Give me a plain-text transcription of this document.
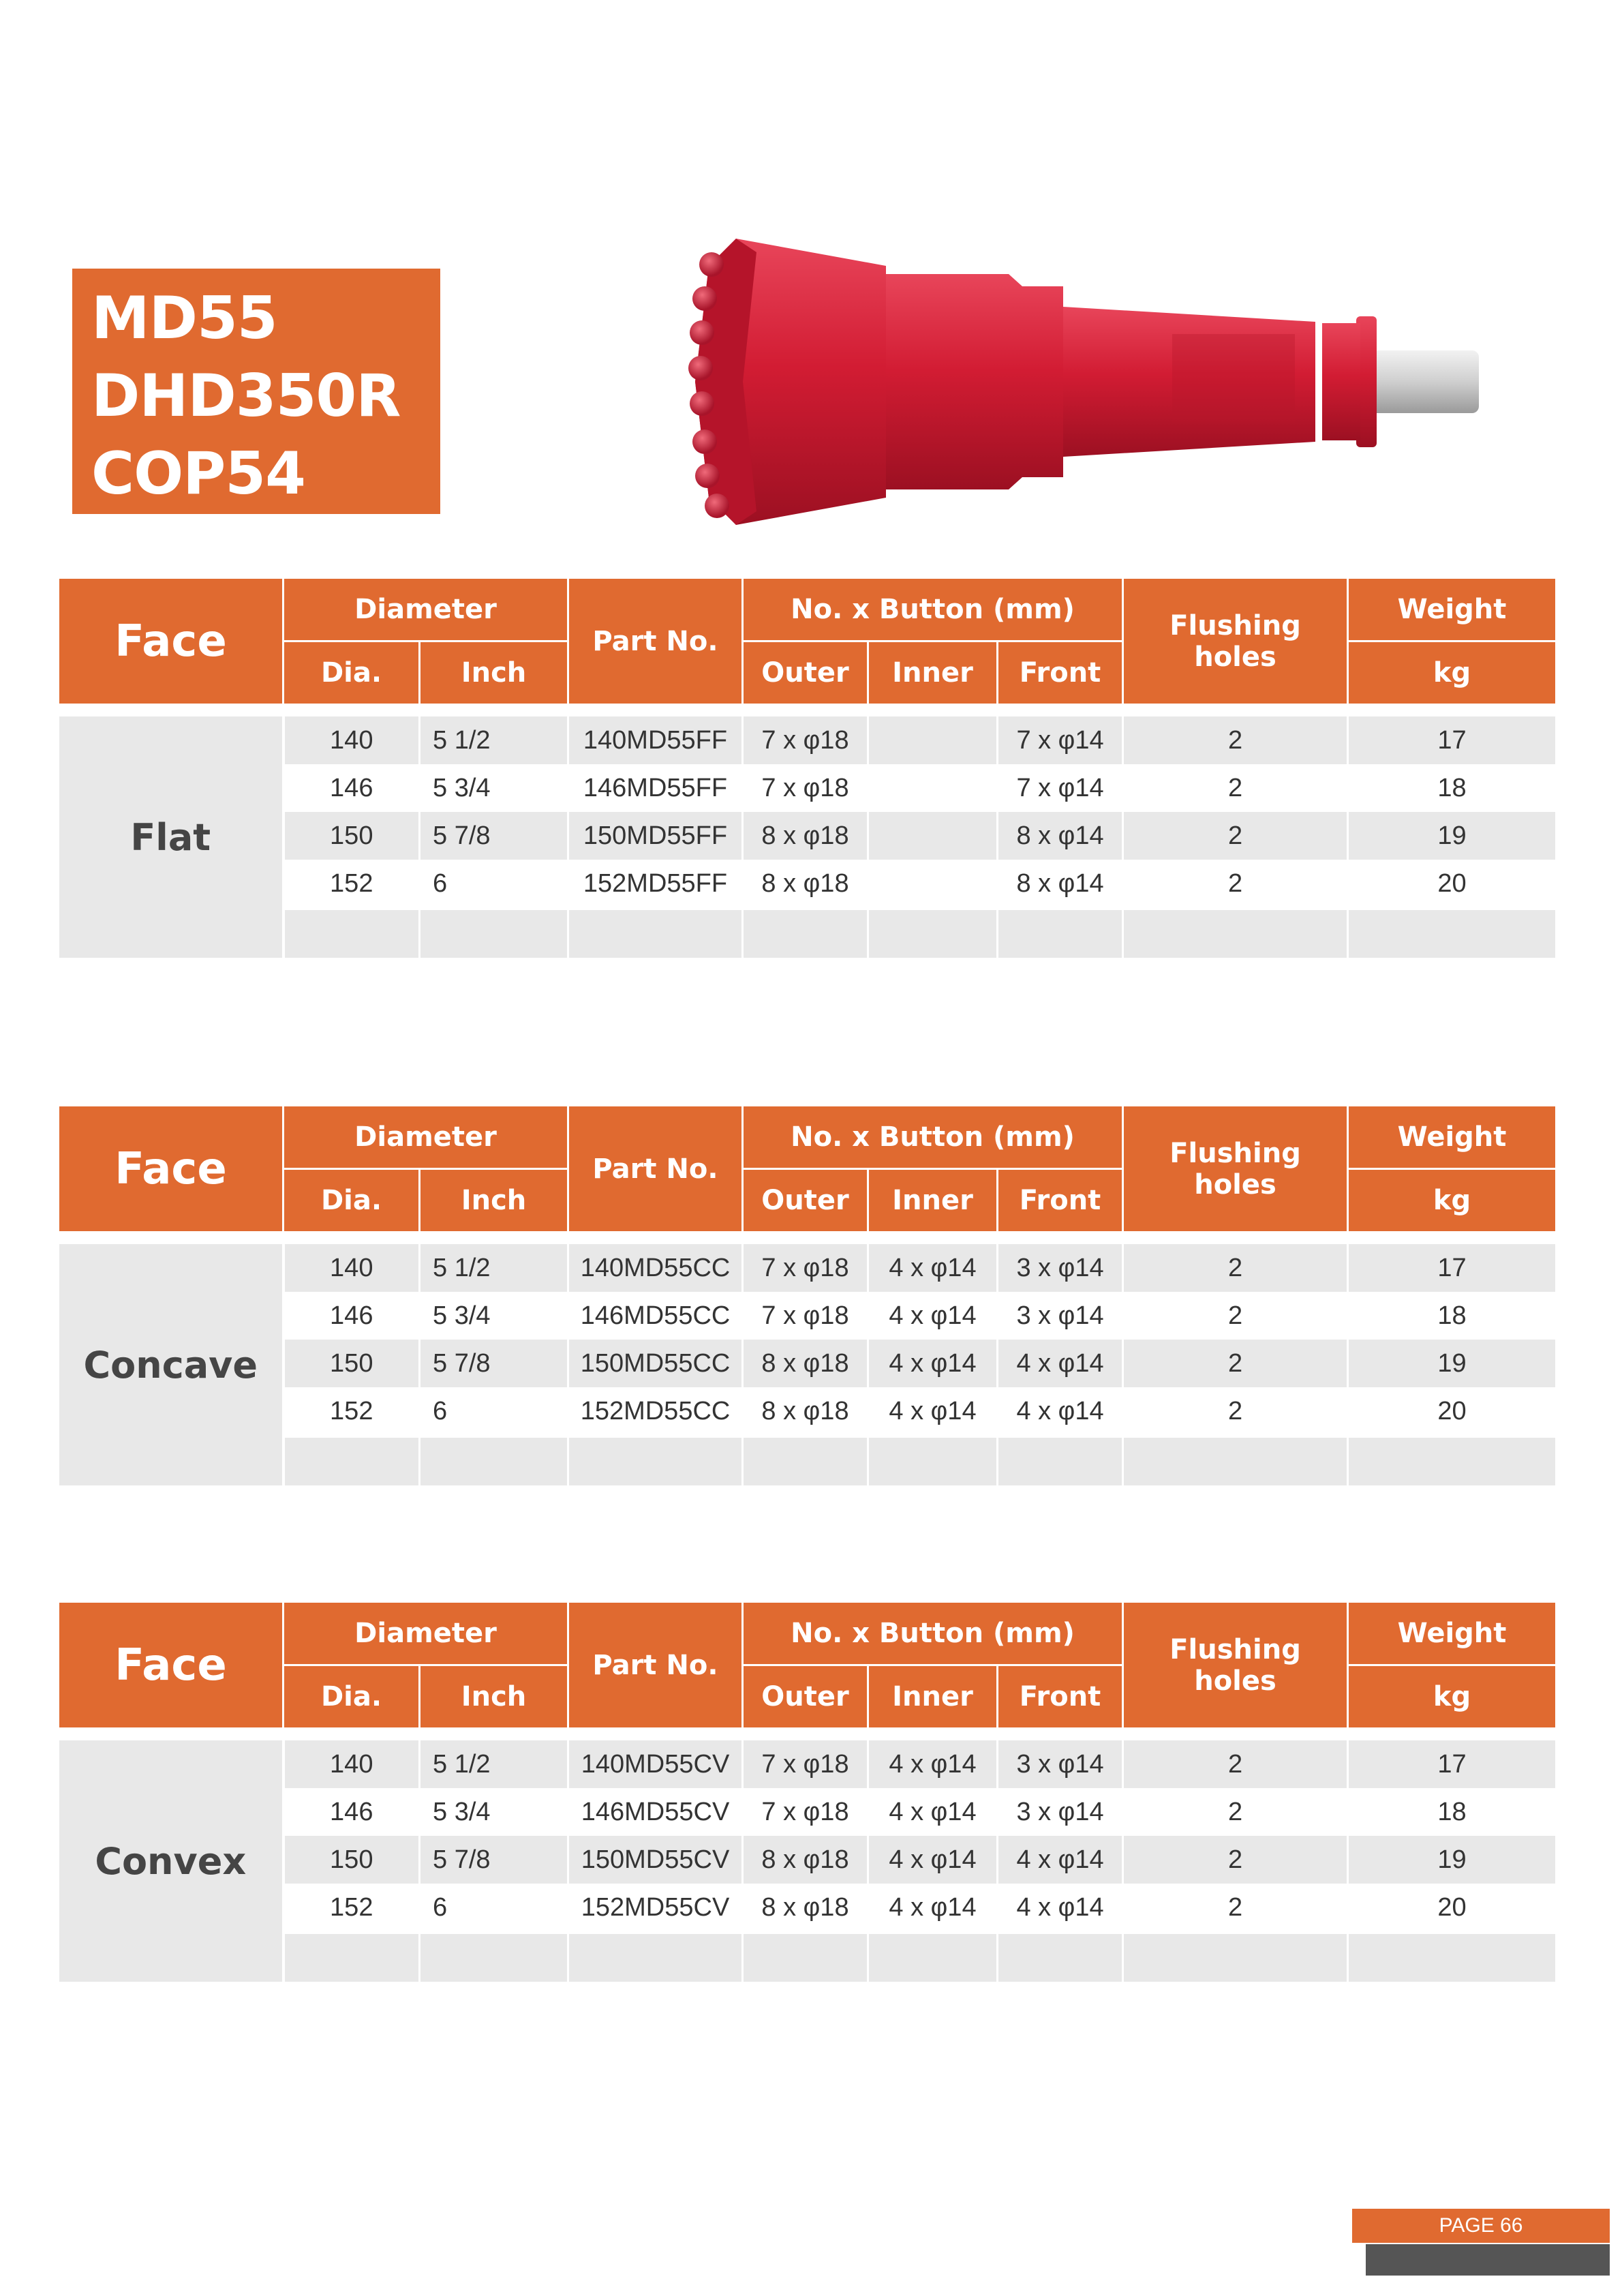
MD55
DHD350R
COP54
Face	Diameter		Part No.	No. x Button (mm)			Flushing holes	Weight
	Dia.	Inch		Outer	Inner	Front		kg

Flat	140	5 1/2	140MD55FF	7 x φ18		7 x φ14	2	17
	146	5 3/4	146MD55FF	7 x φ18		7 x φ14	2	18
	150	5 7/8	150MD55FF	8 x φ18		8 x φ14	2	19
	152	6	152MD55FF	8 x φ18		8 x φ14	2	20

Face	Diameter		Part No.	No. x Button (mm)			Flushing holes	Weight
	Dia.	Inch		Outer	Inner	Front		kg

Concave	140	5 1/2	140MD55CC	7 x φ18	4 x φ14	3 x φ14	2	17
	146	5 3/4	146MD55CC	7 x φ18	4 x φ14	3 x φ14	2	18
	150	5 7/8	150MD55CC	8 x φ18	4 x φ14	4 x φ14	2	19
	152	6	152MD55CC	8 x φ18	4 x φ14	4 x φ14	2	20

Face	Diameter		Part No.	No. x Button (mm)			Flushing holes	Weight
	Dia.	Inch		Outer	Inner	Front		kg

Convex	140	5 1/2	140MD55CV	7 x φ18	4 x φ14	3 x φ14	2	17
	146	5 3/4	146MD55CV	7 x φ18	4 x φ14	3 x φ14	2	18
	150	5 7/8	150MD55CV	8 x φ18	4 x φ14	4 x φ14	2	19
	152	6	152MD55CV	8 x φ18	4 x φ14	4 x φ14	2	20

PAGE 66
